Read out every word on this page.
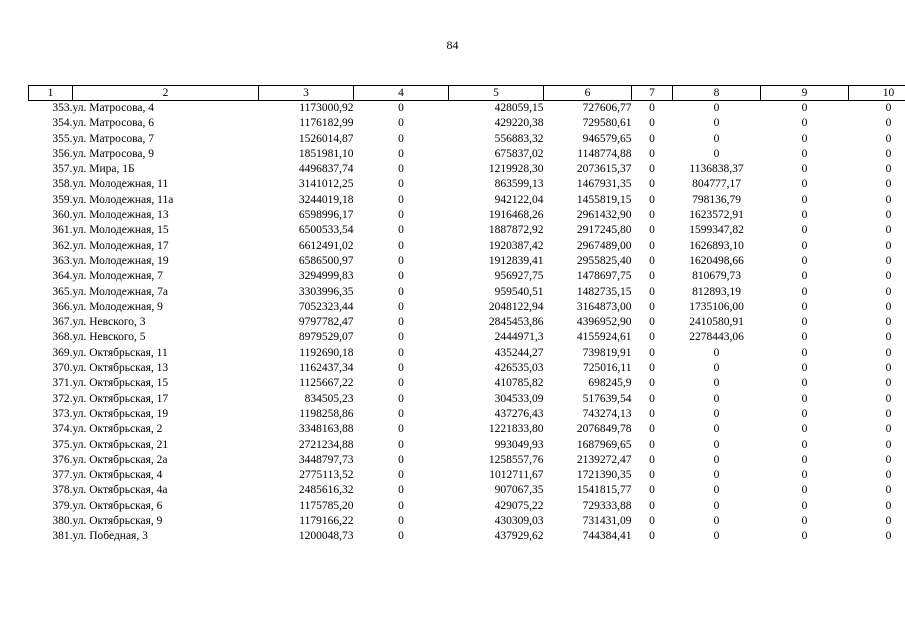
84
1	2	3	4	5	6	7	8	9	10
353.	ул. Матросова, 4	1173000,92	0	428059,15	727606,77	0	0	0	0
354.	ул. Матросова, 6	1176182,99	0	429220,38	729580,61	0	0	0	0
355.	ул. Матросова, 7	1526014,87	0	556883,32	946579,65	0	0	0	0
356.	ул. Матросова, 9	1851981,10	0	675837,02	1148774,88	0	0	0	0
357.	ул. Мира, 1Б	4496837,74	0	1219928,30	2073615,37	0	1136838,37	0	0
358.	ул. Молодежная, 11	3141012,25	0	863599,13	1467931,35	0	804777,17	0	0
359.	ул. Молодежная, 11а	3244019,18	0	942122,04	1455819,15	0	798136,79	0	0
360.	ул. Молодежная, 13	6598996,17	0	1916468,26	2961432,90	0	1623572,91	0	0
361.	ул. Молодежная, 15	6500533,54	0	1887872,92	2917245,80	0	1599347,82	0	0
362.	ул. Молодежная, 17	6612491,02	0	1920387,42	2967489,00	0	1626893,10	0	0
363.	ул. Молодежная, 19	6586500,97	0	1912839,41	2955825,40	0	1620498,66	0	0
364.	ул. Молодежная, 7	3294999,83	0	956927,75	1478697,75	0	810679,73	0	0
365.	ул. Молодежная, 7а	3303996,35	0	959540,51	1482735,15	0	812893,19	0	0
366.	ул. Молодежная, 9	7052323,44	0	2048122,94	3164873,00	0	1735106,00	0	0
367.	ул. Невского, 3	9797782,47	0	2845453,86	4396952,90	0	2410580,91	0	0
368.	ул. Невского, 5	8979529,07	0	2444971,3	4155924,61	0	2278443,06	0	0
369.	ул. Октябрьская, 11	1192690,18	0	435244,27	739819,91	0	0	0	0
370.	ул. Октябрьская, 13	1162437,34	0	426535,03	725016,11	0	0	0	0
371.	ул. Октябрьская, 15	1125667,22	0	410785,82	698245,9	0	0	0	0
372.	ул. Октябрьская, 17	834505,23	0	304533,09	517639,54	0	0	0	0
373.	ул. Октябрьская, 19	1198258,86	0	437276,43	743274,13	0	0	0	0
374.	ул. Октябрьская, 2	3348163,88	0	1221833,80	2076849,78	0	0	0	0
375.	ул. Октябрьская, 21	2721234,88	0	993049,93	1687969,65	0	0	0	0
376.	ул. Октябрьская, 2а	3448797,73	0	1258557,76	2139272,47	0	0	0	0
377.	ул. Октябрьская, 4	2775113,52	0	1012711,67	1721390,35	0	0	0	0
378.	ул. Октябрьская, 4а	2485616,32	0	907067,35	1541815,77	0	0	0	0
379.	ул. Октябрьская, 6	1175785,20	0	429075,22	729333,88	0	0	0	0
380.	ул. Октябрьская, 9	1179166,22	0	430309,03	731431,09	0	0	0	0
381.	ул. Победная, 3	1200048,73	0	437929,62	744384,41	0	0	0	0
